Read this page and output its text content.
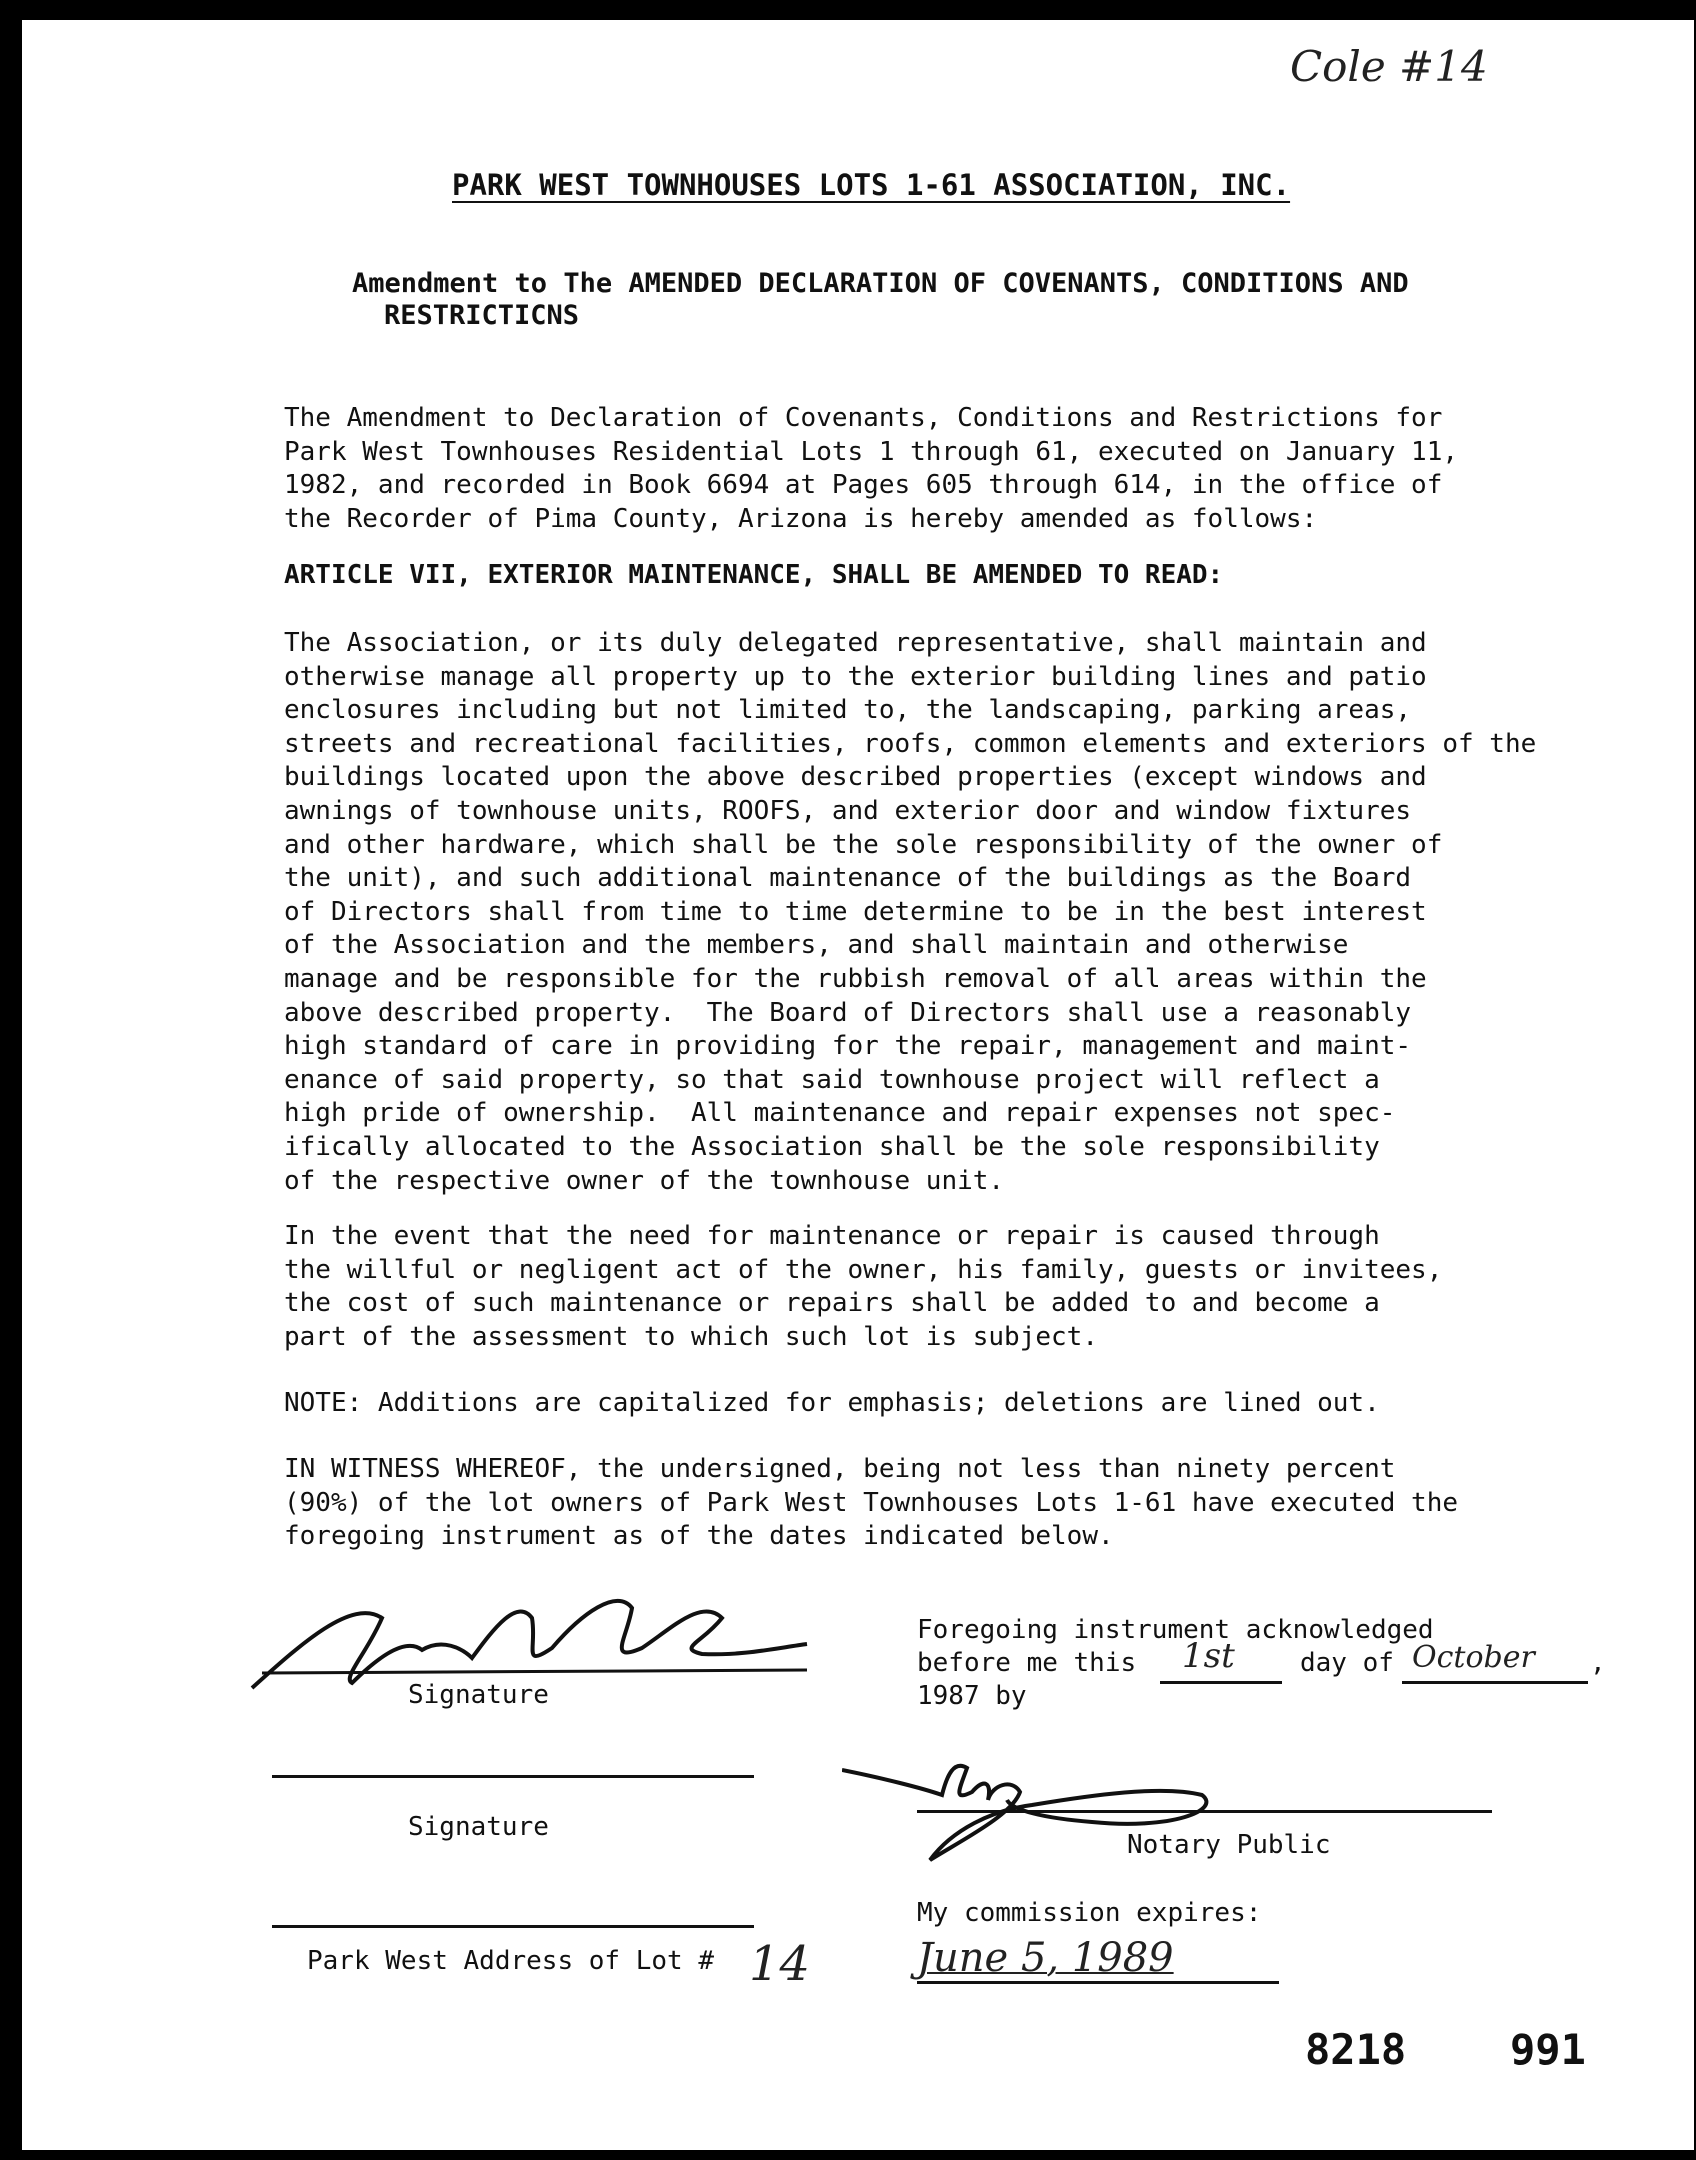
Cole #14
PARK WEST TOWNHOUSES LOTS 1-61 ASSOCIATION, INC.
Amendment to The AMENDED DECLARATION OF COVENANTS, CONDITIONS AND
RESTRICTICNS
The Amendment to Declaration of Covenants, Conditions and Restrictions for
Park West Townhouses Residential Lots 1 through 61, executed on January 11,
1982, and recorded in Book 6694 at Pages 605 through 614, in the office of
the Recorder of Pima County, Arizona is hereby amended as follows:
ARTICLE VII, EXTERIOR MAINTENANCE, SHALL BE AMENDED TO READ:
The Association, or its duly delegated representative, shall maintain and
otherwise manage all property up to the exterior building lines and patio
enclosures including but not limited to, the landscaping, parking areas,
streets and recreational facilities, roofs, common elements and exteriors of the
buildings located upon the above described properties (except windows and
awnings of townhouse units, ROOFS, and exterior door and window fixtures
and other hardware, which shall be the sole responsibility of the owner of
the unit), and such additional maintenance of the buildings as the Board
of Directors shall from time to time determine to be in the best interest
of the Association and the members, and shall maintain and otherwise
manage and be responsible for the rubbish removal of all areas within the
above described property.  The Board of Directors shall use a reasonably
high standard of care in providing for the repair, management and maint-
enance of said property, so that said townhouse project will reflect a
high pride of ownership.  All maintenance and repair expenses not spec-
ifically allocated to the Association shall be the sole responsibility
of the respective owner of the townhouse unit.
In the event that the need for maintenance or repair is caused through
the willful or negligent act of the owner, his family, guests or invitees,
the cost of such maintenance or repairs shall be added to and become a
part of the assessment to which such lot is subject.
NOTE: Additions are capitalized for emphasis; deletions are lined out.
IN WITNESS WHEREOF, the undersigned, being not less than ninety percent
(90%) of the lot owners of Park West Townhouses Lots 1-61 have executed the
foregoing instrument as of the dates indicated below.
Signature
Signature
Park West Address of Lot # 14
Foregoing instrument acknowledged
before me this 1st	day of October ,
1987 by
Notary Public
My commission expires:
June 5, 1989
8218 991
